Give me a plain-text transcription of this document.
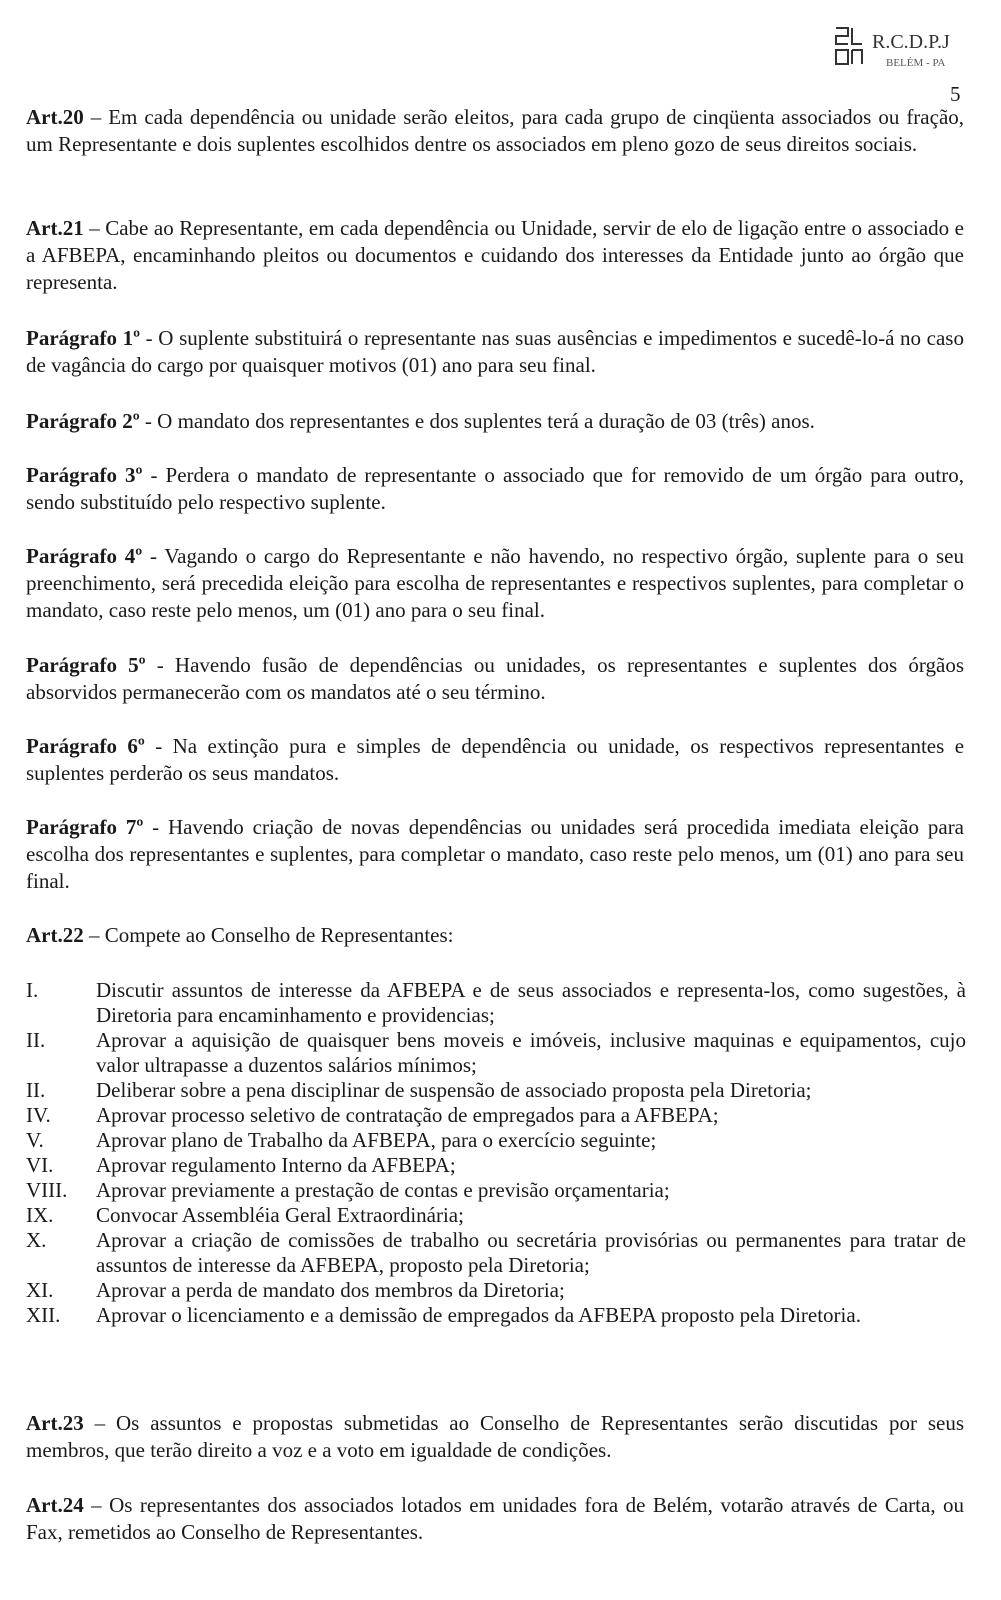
R.C.D.P.J
BELÉM - PA
5
Art.20 – Em cada dependência ou unidade serão eleitos, para cada grupo de cinqüenta associados ou fração, um Representante e dois suplentes escolhidos dentre os associados em pleno gozo de seus direitos sociais.
Art.21 – Cabe ao Representante, em cada dependência ou Unidade, servir de elo de ligação entre o associado e a AFBEPA, encaminhando pleitos ou documentos e cuidando dos interesses da Entidade junto ao órgão que representa.
Parágrafo 1º - O suplente substituirá o representante nas suas ausências e impedimentos e sucedê-lo-á no caso de vagância do cargo por quaisquer motivos (01) ano para seu final.
Parágrafo 2º - O mandato dos representantes e dos suplentes terá a duração de 03 (três) anos.
Parágrafo 3º - Perdera o mandato de representante o associado que for removido de um órgão para outro, sendo substituído pelo respectivo suplente.
Parágrafo 4º - Vagando o cargo do Representante e não havendo, no respectivo órgão, suplente para o seu preenchimento, será precedida eleição para escolha de representantes e respectivos suplentes, para completar o mandato, caso reste pelo menos, um (01) ano para o seu final.
Parágrafo 5º - Havendo fusão de dependências ou unidades, os representantes e suplentes dos órgãos absorvidos permanecerão com os mandatos até o seu término.
Parágrafo 6º - Na extinção pura e simples de dependência ou unidade, os respectivos representantes e suplentes perderão os seus mandatos.
Parágrafo 7º - Havendo criação de novas dependências ou unidades será procedida imediata eleição para escolha dos representantes e suplentes, para completar o mandato, caso reste pelo menos, um (01) ano para seu final.
Art.22 – Compete ao Conselho de Representantes:
I.	Discutir assuntos de interesse da AFBEPA e de seus associados e representa-los, como sugestões, à Diretoria para encaminhamento e providencias;
II.	Aprovar a aquisição de quaisquer bens moveis e imóveis, inclusive maquinas e equipamentos, cujo valor ultrapasse a duzentos salários mínimos;
II.	Deliberar sobre a pena disciplinar de suspensão de associado proposta pela Diretoria;
IV.	Aprovar processo seletivo de contratação de empregados para a AFBEPA;
V.	Aprovar plano de Trabalho da AFBEPA, para o exercício seguinte;
VI.	Aprovar regulamento Interno da AFBEPA;
VIII.	Aprovar previamente a prestação de contas e previsão orçamentaria;
IX.	Convocar Assembléia Geral Extraordinária;
X.	Aprovar a criação de comissões de trabalho ou secretária provisórias ou permanentes para tratar de assuntos de interesse da AFBEPA, proposto pela Diretoria;
XI.	Aprovar a perda de mandato dos membros da Diretoria;
XII.	Aprovar o licenciamento e a demissão de empregados da AFBEPA proposto pela Diretoria.
Art.23 – Os assuntos e propostas submetidas ao Conselho de Representantes serão discutidas por seus membros, que terão direito a voz e a voto em igualdade de condições.
Art.24 – Os representantes dos associados lotados em unidades fora de Belém, votarão através de Carta, ou Fax, remetidos ao Conselho de Representantes.
